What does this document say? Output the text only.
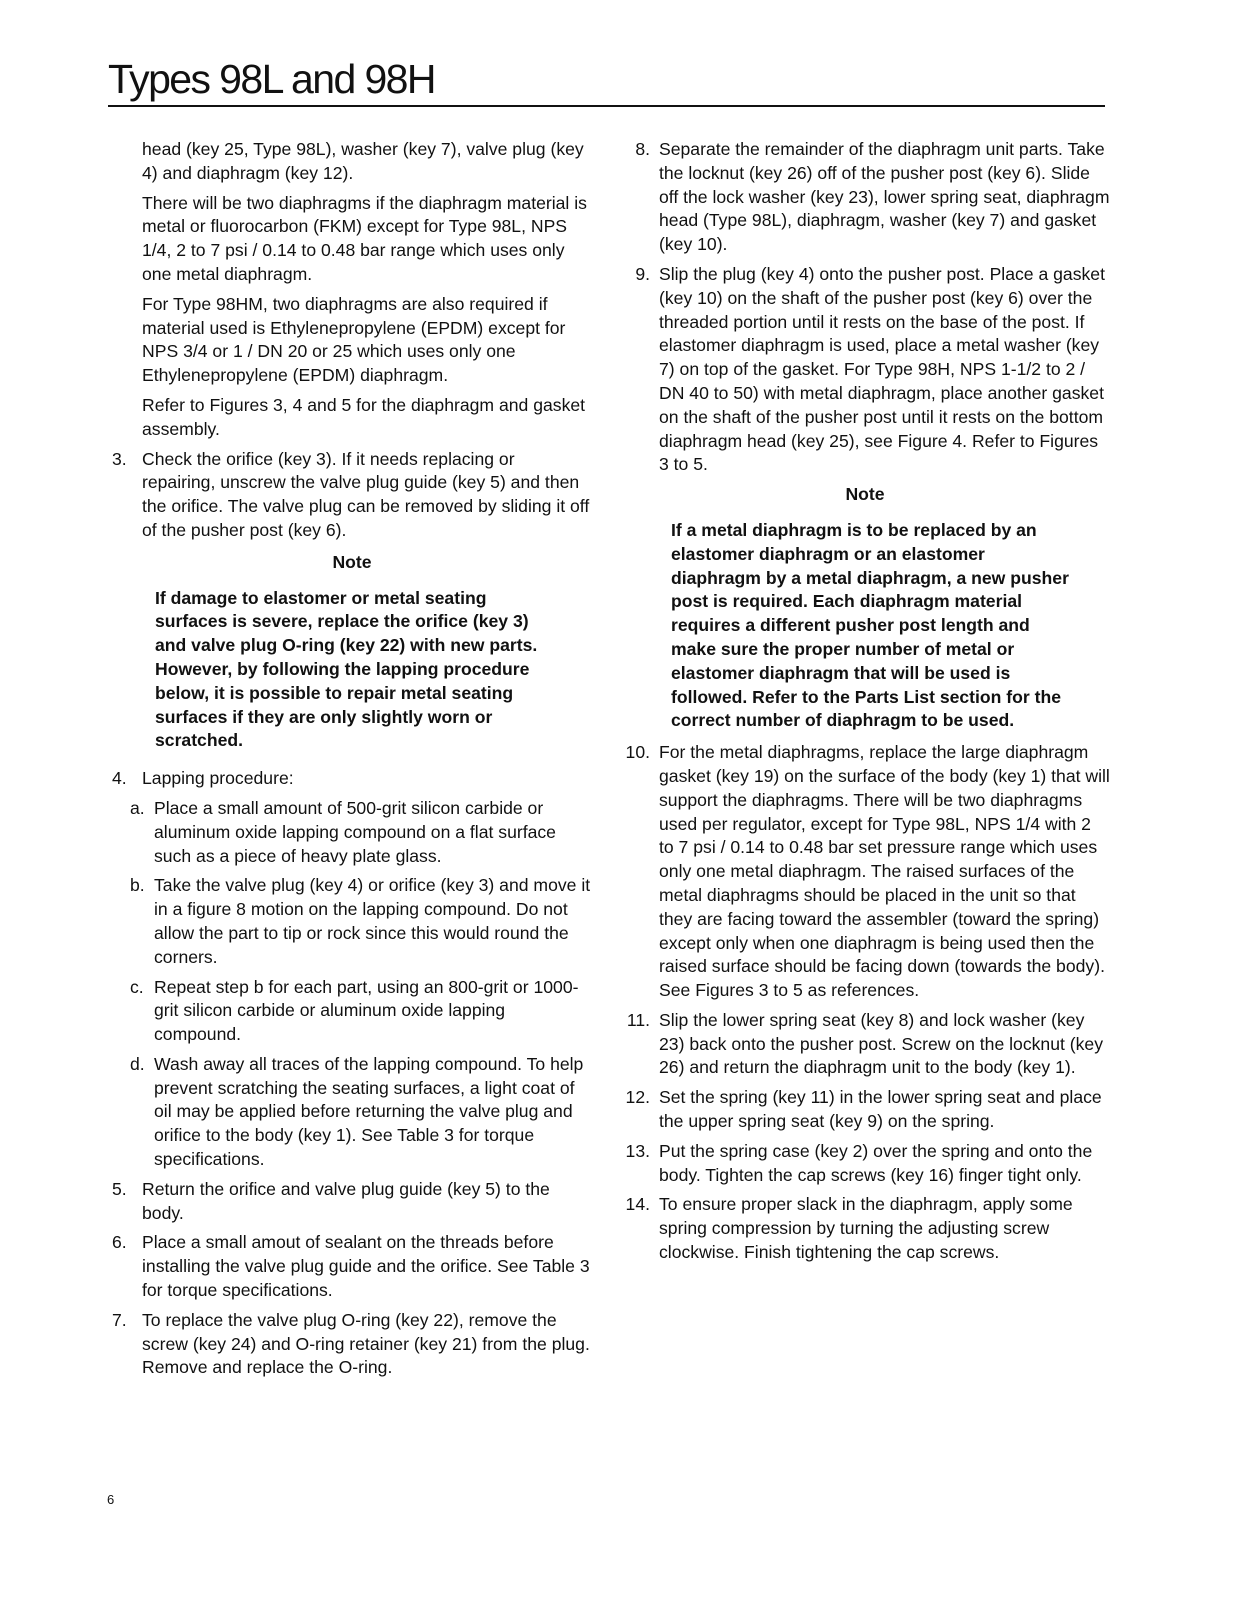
Types 98L and 98H

head (key 25, Type 98L), washer (key 7), valve plug (key 4) and diaphragm (key 12).

There will be two diaphragms if the diaphragm material is metal or fluorocarbon (FKM) except for Type 98L, NPS 1/4, 2 to 7 psi / 0.14 to 0.48 bar range which uses only one metal diaphragm.

For Type 98HM, two diaphragms are also required if material used is Ethylenepropylene (EPDM) except for NPS 3/4 or 1 / DN 20 or 25 which uses only one Ethylenepropylene (EPDM) diaphragm.

Refer to Figures 3, 4 and 5 for the diaphragm and gasket assembly.

3. Check the orifice (key 3). If it needs replacing or repairing, unscrew the valve plug guide (key 5) and then the orifice. The valve plug can be removed by sliding it off of the pusher post (key 6).

Note

If damage to elastomer or metal seating surfaces is severe, replace the orifice (key 3) and valve plug O-ring (key 22) with new parts. However, by following the lapping procedure below, it is possible to repair metal seating surfaces if they are only slightly worn or scratched.

4. Lapping procedure:
a. Place a small amount of 500-grit silicon carbide or aluminum oxide lapping compound on a flat surface such as a piece of heavy plate glass.
b. Take the valve plug (key 4) or orifice (key 3) and move it in a figure 8 motion on the lapping compound. Do not allow the part to tip or rock since this would round the corners.
c. Repeat step b for each part, using an 800-grit or 1000-grit silicon carbide or aluminum oxide lapping compound.
d. Wash away all traces of the lapping compound. To help prevent scratching the seating surfaces, a light coat of oil may be applied before returning the valve plug and orifice to the body (key 1). See Table 3 for torque specifications.
5. Return the orifice and valve plug guide (key 5) to the body.
6. Place a small amout of sealant on the threads before installing the valve plug guide and the orifice. See Table 3 for torque specifications.
7. To replace the valve plug O-ring (key 22), remove the screw (key 24) and O-ring retainer (key 21) from the plug. Remove and replace the O-ring.
8. Separate the remainder of the diaphragm unit parts. Take the locknut (key 26) off of the pusher post (key 6). Slide off the lock washer (key 23), lower spring seat, diaphragm head (Type 98L), diaphragm, washer (key 7) and gasket (key 10).
9. Slip the plug (key 4) onto the pusher post. Place a gasket (key 10) on the shaft of the pusher post (key 6) over the threaded portion until it rests on the base of the post. If elastomer diaphragm is used, place a metal washer (key 7) on top of the gasket. For Type 98H, NPS 1-1/2 to 2 / DN 40 to 50) with metal diaphragm, place another gasket on the shaft of the pusher post until it rests on the bottom diaphragm head (key 25), see Figure 4. Refer to Figures 3 to 5.

Note

If a metal diaphragm is to be replaced by an elastomer diaphragm or an elastomer diaphragm by a metal diaphragm, a new pusher post is required. Each diaphragm material requires a different pusher post length and make sure the proper number of metal or elastomer diaphragm that will be used is followed. Refer to the Parts List section for the correct number of diaphragm to be used.

10. For the metal diaphragms, replace the large diaphragm gasket (key 19) on the surface of the body (key 1) that will support the diaphragms. There will be two diaphragms used per regulator, except for Type 98L, NPS 1/4 with 2 to 7 psi / 0.14 to 0.48 bar set pressure range which uses only one metal diaphragm. The raised surfaces of the metal diaphragms should be placed in the unit so that they are facing toward the assembler (toward the spring) except only when one diaphragm is being used then the raised surface should be facing down (towards the body). See Figures 3 to 5 as references.
11. Slip the lower spring seat (key 8) and lock washer (key 23) back onto the pusher post. Screw on the locknut (key 26) and return the diaphragm unit to the body (key 1).
12. Set the spring (key 11) in the lower spring seat and place the upper spring seat (key 9) on the spring.
13. Put the spring case (key 2) over the spring and onto the body. Tighten the cap screws (key 16) finger tight only.
14. To ensure proper slack in the diaphragm, apply some spring compression by turning the adjusting screw clockwise. Finish tightening the cap screws.
6
